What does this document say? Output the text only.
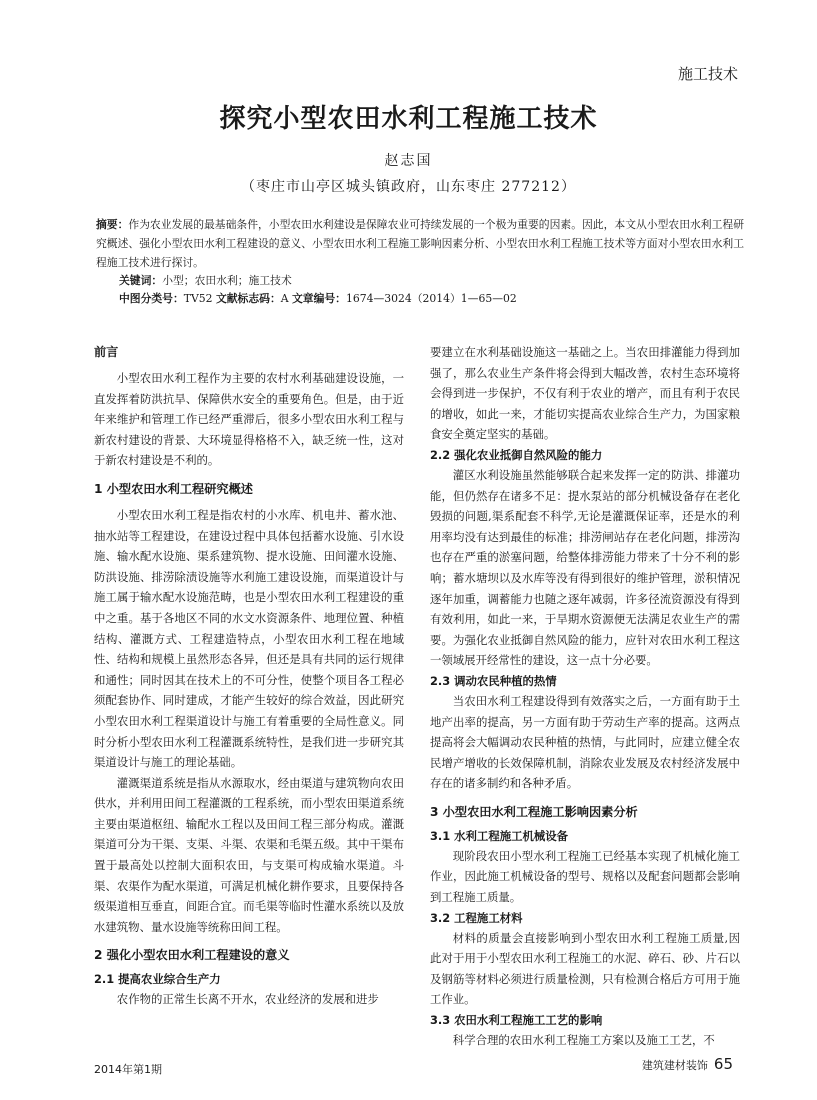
施工技术
探究小型农田水利工程施工技术
赵志国
（枣庄市山亭区城头镇政府，山东枣庄 277212）
摘要：作为农业发展的最基础条件，小型农田水利建设是保障农业可持续发展的一个极为重要的因素。因此，本文从小型农田水利工程研究概述、强化小型农田水利工程建设的意义、小型农田水利工程施工影响因素分析、小型农田水利工程施工技术等方面对小型农田水利工程施工技术进行探讨。
关键词：小型；农田水利；施工技术
中图分类号：TV52 文献标志码：A 文章编号：1674—3024（2014）1—65—02
前言

小型农田水利工程作为主要的农村水利基础建设设施，一直发挥着防洪抗旱、保障供水安全的重要角色。但是，由于近年来维护和管理工作已经严重滞后，很多小型农田水利工程与新农村建设的背景、大环境显得格格不入，缺乏统一性，这对于新农村建设是不利的。

1 小型农田水利工程研究概述

小型农田水利工程是指农村的小水库、机电井、蓄水池、抽水站等工程建设，在建设过程中具体包括蓄水设施、引水设施、输水配水设施、渠系建筑物、提水设施、田间灌水设施、防洪设施、排涝除渍设施等水利施工建设设施，而渠道设计与施工属于输水配水设施范畴，也是小型农田水利工程建设的重中之重。基于各地区不同的水文水资源条件、地理位置、种植结构、灌溉方式、工程建造特点，小型农田水利工程在地域性、结构和规模上虽然形态各异，但还是具有共同的运行规律和通性；同时因其在技术上的不可分性，使整个项目各工程必须配套协作、同时建成，才能产生较好的综合效益，因此研究小型农田水利工程渠道设计与施工有着重要的全局性意义。同时分析小型农田水利工程灌溉系统特性，是我们进一步研究其渠道设计与施工的理论基础。

灌溉渠道系统是指从水源取水，经由渠道与建筑物向农田供水，并利用田间工程灌溉的工程系统，而小型农田渠道系统主要由渠道枢纽、输配水工程以及田间工程三部分构成。灌溉渠道可分为干渠、支渠、斗渠、农渠和毛渠五级。其中干渠布置于最高处以控制大面积农田，与支渠可构成输水渠道。斗渠、农渠作为配水渠道，可满足机械化耕作要求，且要保持各级渠道相互垂直，间距合宜。而毛渠等临时性灌水系统以及放水建筑物、量水设施等统称田间工程。

2 强化小型农田水利工程建设的意义
2.1 提高农业综合生产力

农作物的正常生长离不开水，农业经济的发展和进步

要建立在水利基础设施这一基础之上。当农田排灌能力得到加强了，那么农业生产条件将会得到大幅改善，农村生态环境将会得到进一步保护，不仅有利于农业的增产，而且有利于农民的增收，如此一来，才能切实提高农业综合生产力，为国家粮食安全奠定坚实的基础。

2.2 强化农业抵御自然风险的能力

灌区水利设施虽然能够联合起来发挥一定的防洪、排灌功能，但仍然存在诸多不足：提水泵站的部分机械设备存在老化毁损的问题,渠系配套不科学,无论是灌溉保证率，还是水的利用率均没有达到最佳的标准；排涝闸站存在老化问题，排涝沟也存在严重的淤塞问题，给整体排涝能力带来了十分不利的影响；蓄水塘坝以及水库等没有得到很好的维护管理，淤积情况逐年加重，调蓄能力也随之逐年减弱，许多径流资源没有得到有效利用，如此一来，于旱期水资源便无法满足农业生产的需要。为强化农业抵御自然风险的能力，应针对农田水利工程这一领域展开经常性的建设，这一点十分必要。

2.3 调动农民种植的热情

当农田水利工程建设得到有效落实之后，一方面有助于土地产出率的提高，另一方面有助于劳动生产率的提高。这两点提高将会大幅调动农民种植的热情，与此同时，应建立健全农民增产增收的长效保障机制，消除农业发展及农村经济发展中存在的诸多制约和各种矛盾。

3 小型农田水利工程施工影响因素分析
3.1 水利工程施工机械设备

现阶段农田小型水利工程施工已经基本实现了机械化施工作业，因此施工机械设备的型号、规格以及配套问题都会影响到工程施工质量。

3.2 工程施工材料

材料的质量会直接影响到小型农田水利工程施工质量,因此对于用于小型农田水利工程施工的水泥、碎石、砂、片石以及钢筋等材料必须进行质量检测，只有检测合格后方可用于施工作业。

3.3 农田水利工程施工工艺的影响

科学合理的农田水利工程施工方案以及施工工艺，不

2014年第1期	建筑建材装饰 65
